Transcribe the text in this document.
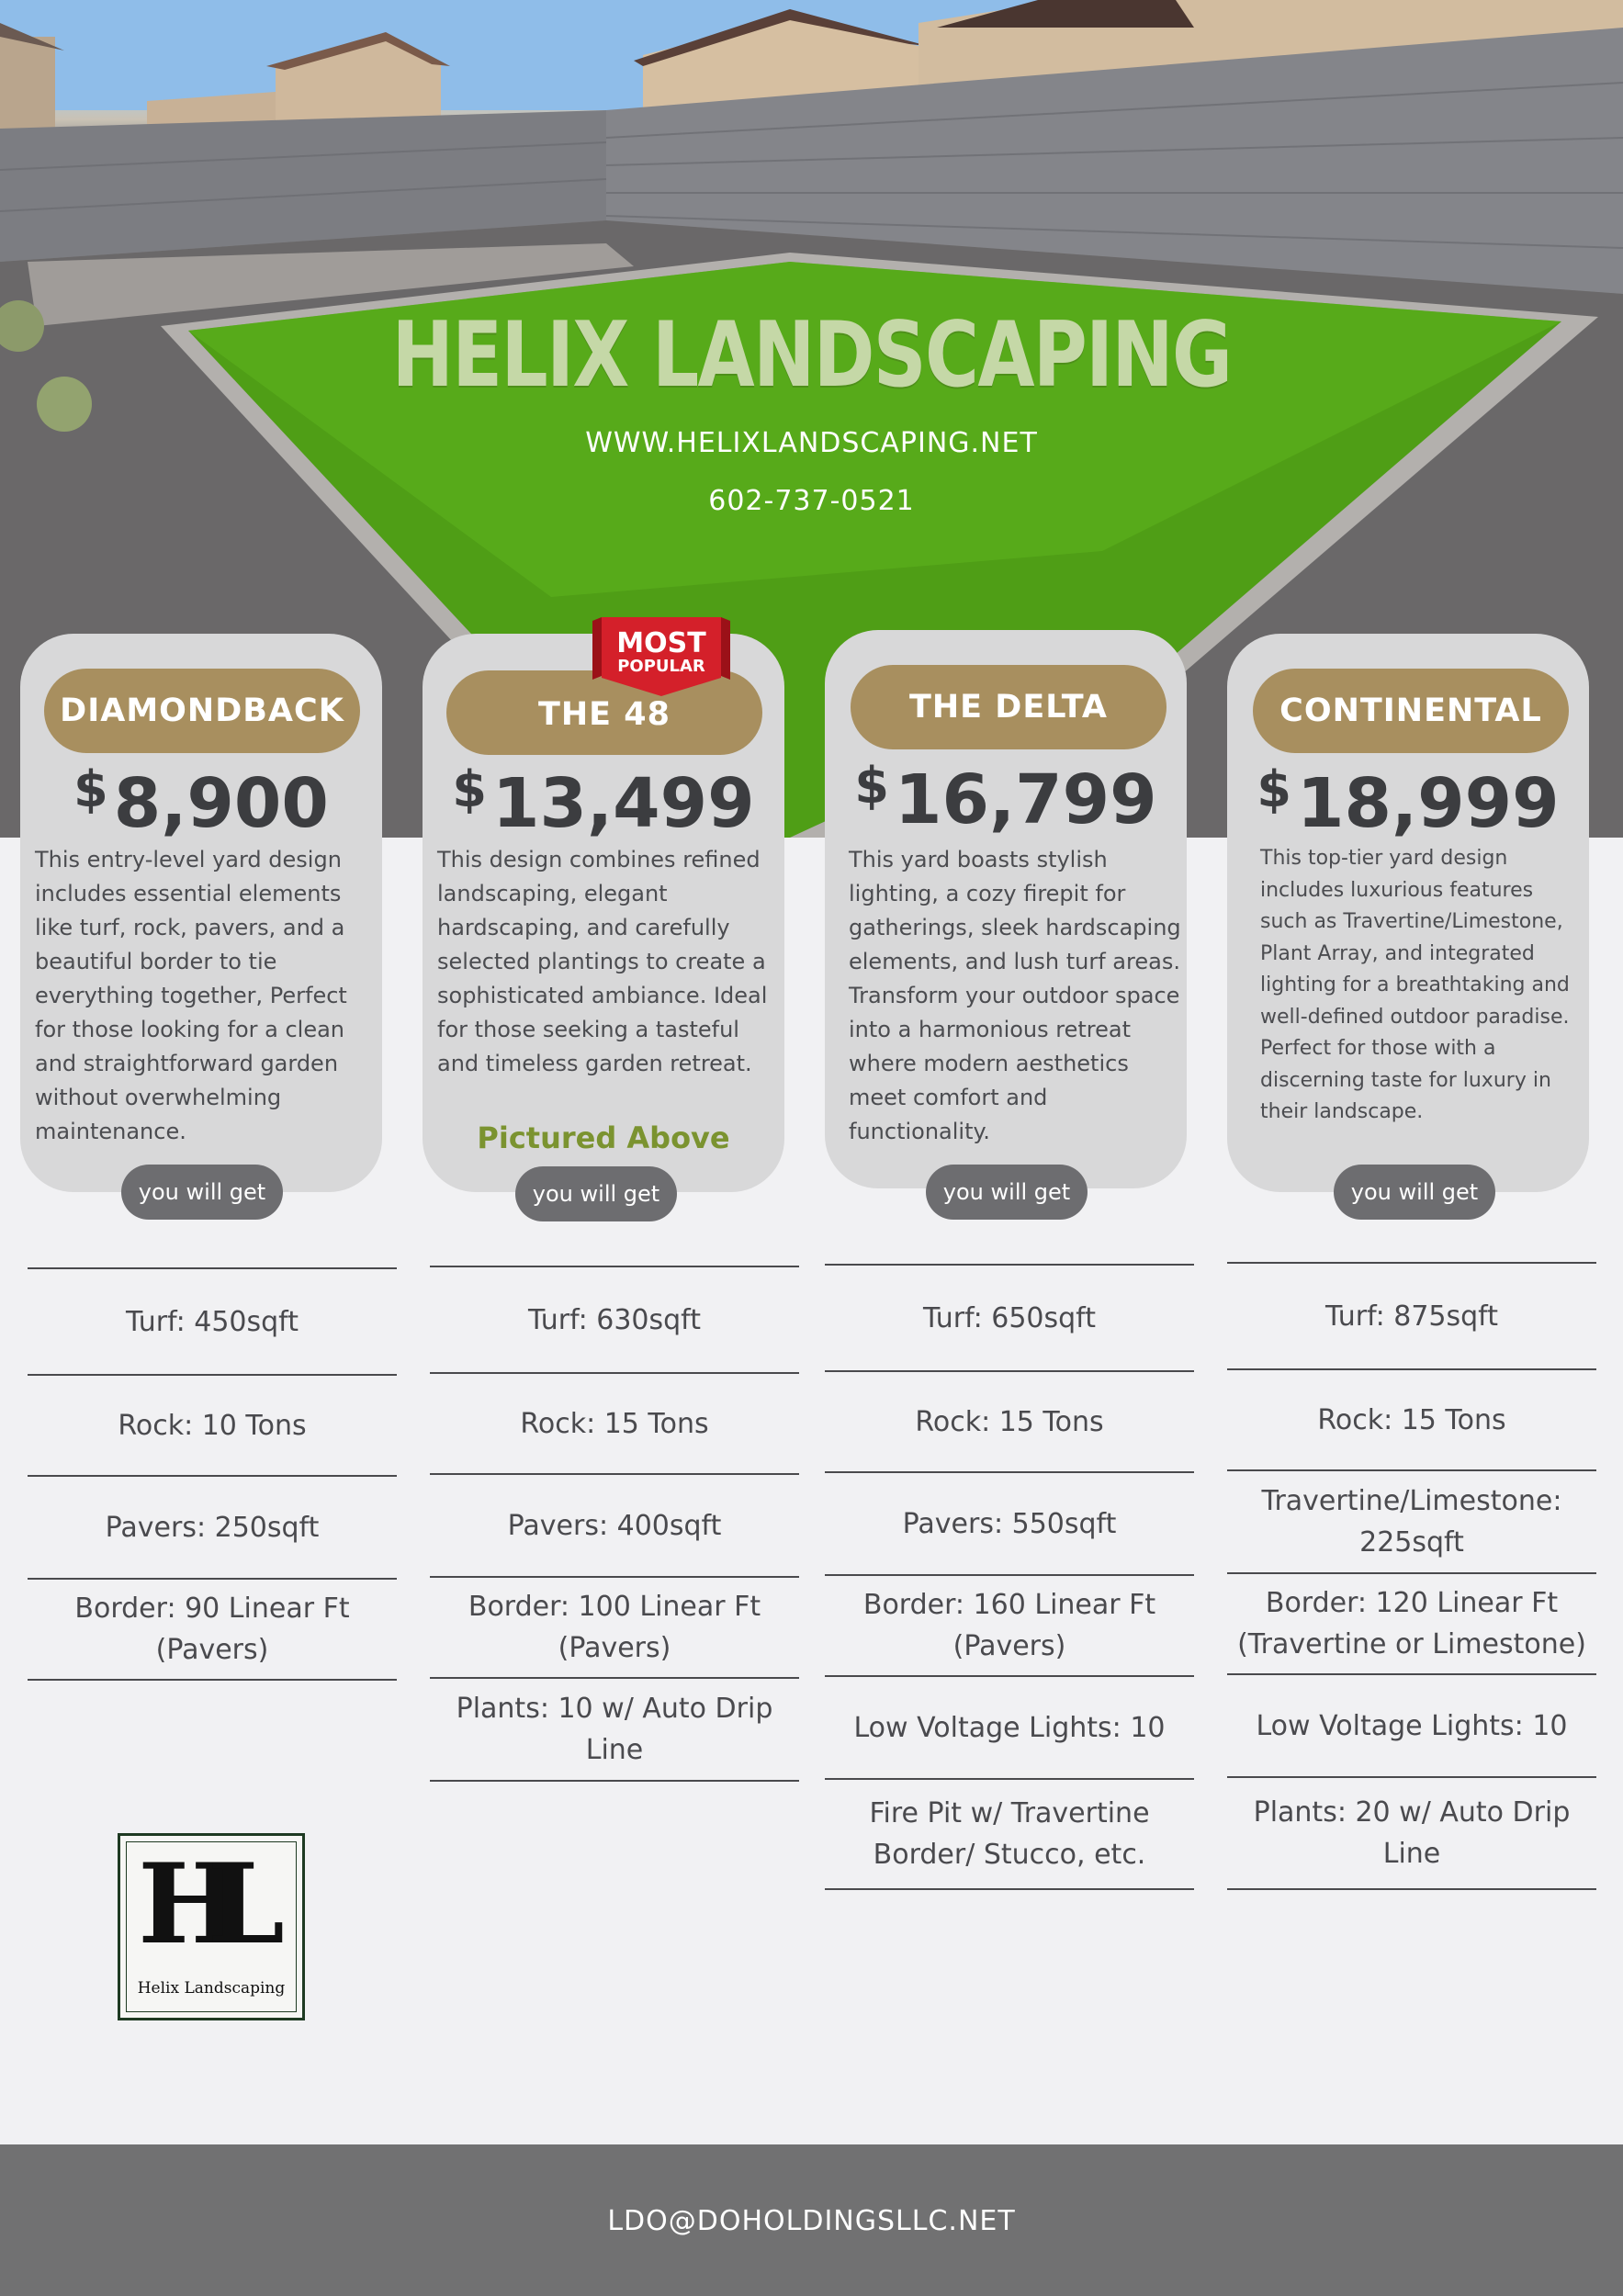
HELIX LANDSCAPING
WWW.HELIXLANDSCAPING.NET
602-737-0521
DIAMONDBACK
$8,900
This entry-level yard design includes essential elements like turf, rock, pavers, and a beautiful border to tie everything together, Perfect for those looking for a clean and straightforward garden without overwhelming maintenance.
you will get
THE 48
$13,499
This design combines refined landscaping, elegant hardscaping, and carefully selected plantings to create a sophisticated ambiance. Ideal for those seeking a tasteful and timeless garden retreat.
Pictured Above
you will get
MOST
POPULAR
THE DELTA
$16,799
This yard boasts stylish lighting, a cozy firepit for gatherings, sleek hardscaping elements, and lush turf areas. Transform your outdoor space into a harmonious retreat where modern aesthetics meet comfort and functionality.
you will get
CONTINENTAL
$18,999
This top-tier yard design includes luxurious features such as Travertine/Limestone, Plant Array, and integrated lighting for a breathtaking and well-defined outdoor paradise. Perfect for those with a discerning taste for luxury in their landscape.
you will get
Turf: 450sqft
Rock: 10 Tons
Pavers: 250sqft
Border: 90 Linear Ft (Pavers)
Turf: 630sqft
Rock: 15 Tons
Pavers: 400sqft
Border: 100 Linear Ft (Pavers)
Plants: 10 w/ Auto Drip Line
Turf: 650sqft
Rock: 15 Tons
Pavers: 550sqft
Border: 160 Linear Ft (Pavers)
Low Voltage Lights: 10
Fire Pit w/ Travertine Border/ Stucco, etc.
Turf: 875sqft
Rock: 15 Tons
Travertine/Limestone: 225sqft
Border: 120 Linear Ft (Travertine or Limestone)
Low Voltage Lights: 10
Plants: 20 w/ Auto Drip Line
HL
Helix Landscaping
LDO@DOHOLDINGSLLC.NET
